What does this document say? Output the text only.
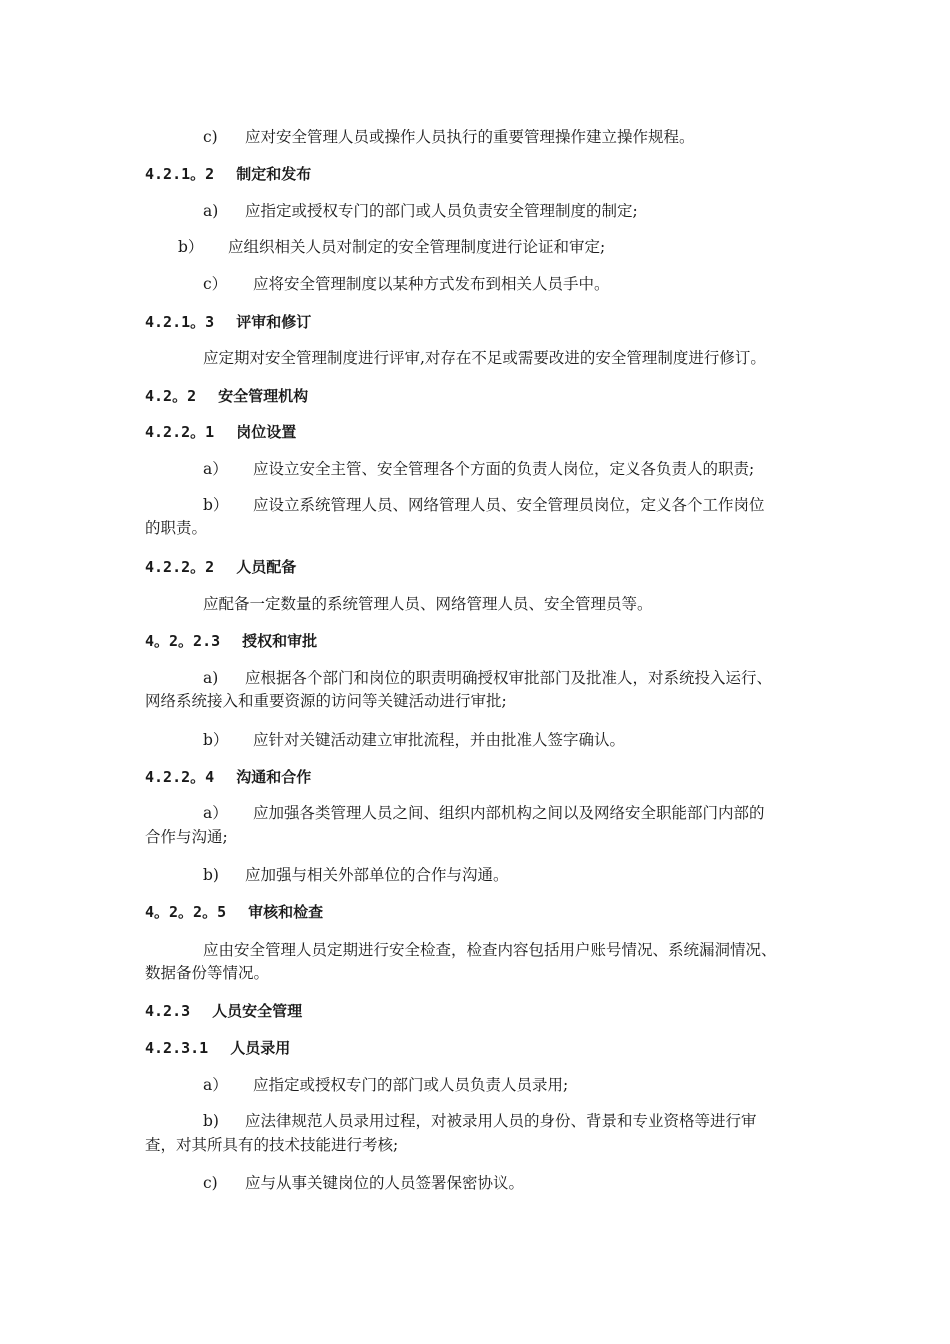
c) 应对安全管理人员或操作人员执行的重要管理操作建立操作规程。
4.2.1。2 制定和发布
a) 应指定或授权专门的部门或人员负责安全管理制度的制定;
b） 应组织相关人员对制定的安全管理制度进行论证和审定;
c） 应将安全管理制度以某种方式发布到相关人员手中。
4.2.1。3 评审和修订
应定期对安全管理制度进行评审,对存在不足或需要改进的安全管理制度进行修订。
4.2。2 安全管理机构
4.2.2。1 岗位设置
a） 应设立安全主管、安全管理各个方面的负责人岗位，定义各负责人的职责;
b） 应设立系统管理人员、网络管理人员、安全管理员岗位，定义各个工作岗位
的职责。
4.2.2。2 人员配备
应配备一定数量的系统管理人员、网络管理人员、安全管理员等。
4。2。2.3 授权和审批
a) 应根据各个部门和岗位的职责明确授权审批部门及批准人，对系统投入运行、
网络系统接入和重要资源的访问等关键活动进行审批;
b） 应针对关键活动建立审批流程，并由批准人签字确认。
4.2.2。4 沟通和合作
a） 应加强各类管理人员之间、组织内部机构之间以及网络安全职能部门内部的
合作与沟通;
b) 应加强与相关外部单位的合作与沟通。
4。2。2。5 审核和检查
应由安全管理人员定期进行安全检查，检查内容包括用户账号情况、系统漏洞情况、
数据备份等情况。
4.2.3 人员安全管理
4.2.3.1 人员录用
a） 应指定或授权专门的部门或人员负责人员录用;
b) 应法律规范人员录用过程，对被录用人员的身份、背景和专业资格等进行审
查，对其所具有的技术技能进行考核;
c) 应与从事关键岗位的人员签署保密协议。
